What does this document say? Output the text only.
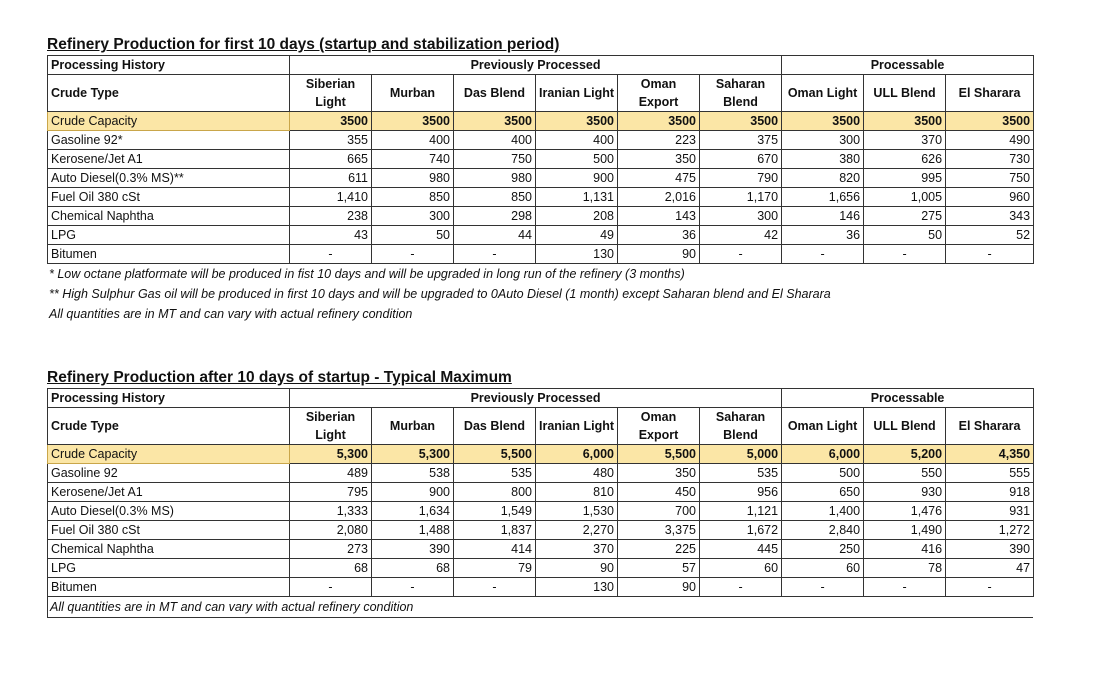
Refinery Production for first 10 days (startup and stabilization period)
Processing History	Previously Processed						Processable		
Crude Type	Siberian Light	Murban	Das Blend	Iranian Light	Oman Export	Saharan Blend	Oman Light	ULL Blend	El Sharara
Crude Capacity	3500	3500	3500	3500	3500	3500	3500	3500	3500
Gasoline 92*	355	400	400	400	223	375	300	370	490
Kerosene/Jet A1	665	740	750	500	350	670	380	626	730
Auto Diesel(0.3% MS)**	611	980	980	900	475	790	820	995	750
Fuel Oil 380 cSt	1,410	850	850	1,131	2,016	1,170	1,656	1,005	960
Chemical Naphtha	238	300	298	208	143	300	146	275	343
LPG	43	50	44	49	36	42	36	50	52
Bitumen	-	-	-	130	90	-	-	-	-
* Low octane platformate will be produced in fist 10 days and will be upgraded in long run of the refinery (3 months)
** High Sulphur Gas oil will be produced in first 10 days and will be upgraded to 0Auto Diesel (1 month) except Saharan blend and El Sharara
All quantities are in MT and can vary with actual refinery condition
Refinery Production after 10 days of startup - Typical Maximum
Processing History	Previously Processed						Processable		
Crude Type	Siberian Light	Murban	Das Blend	Iranian Light	Oman Export	Saharan Blend	Oman Light	ULL Blend	El Sharara
Crude Capacity	5,300	5,300	5,500	6,000	5,500	5,000	6,000	5,200	4,350
Gasoline 92	489	538	535	480	350	535	500	550	555
Kerosene/Jet A1	795	900	800	810	450	956	650	930	918
Auto Diesel(0.3% MS)	1,333	1,634	1,549	1,530	700	1,121	1,400	1,476	931
Fuel Oil 380 cSt	2,080	1,488	1,837	2,270	3,375	1,672	2,840	1,490	1,272
Chemical Naphtha	273	390	414	370	225	445	250	416	390
LPG	68	68	79	90	57	60	60	78	47
Bitumen	-	-	-	130	90	-	-	-	-
All quantities are in MT and can vary with actual refinery condition
